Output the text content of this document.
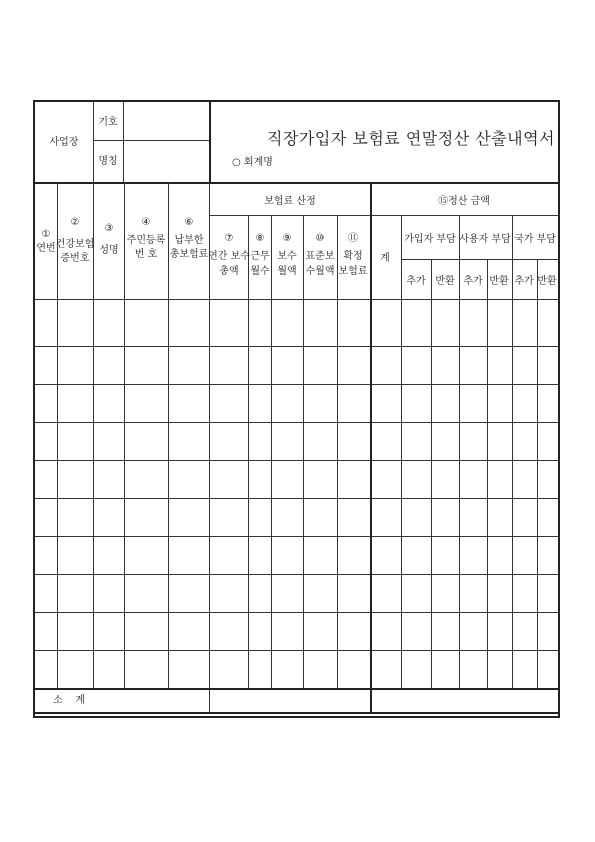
사업장
기호
명칭
직장가입자 보험료 연말정산 산출내역서
○ 회계명
①
연번
②
건강보험
증번호
③
성명
④
주민등록
번 호
⑥
납부한
총보험료
보험료 산정
⑦
연간 보수
총액
⑧
근무
월수
⑨
보수
월액
⑩
표준보
수월액
⑪
확정
보험료
⑮정산 금액
계
가입자 부담 사용자 부담 국가 부담
추가 반환 추가 반환 추가 반환
소    계
